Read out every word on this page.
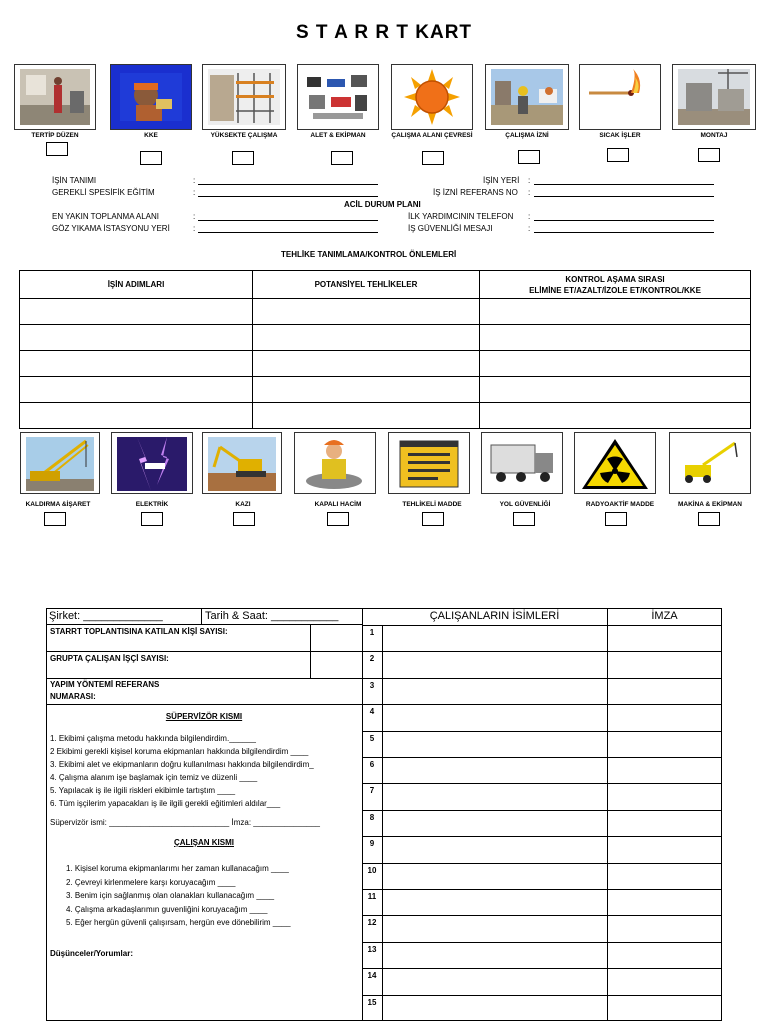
S T A R R T KART
TERTİP DÜZEN	KKE	YÜKSEKTE ÇALIŞMA	ALET & EKİPMAN	ÇALIŞMA ALANI ÇEVRESİ	ÇALIŞMA İZNİ	SICAK İŞLER	MONTAJ
İŞİN TANIMI	:	İŞİN YERİ :
GEREKLİ SPESİFİK EĞİTİM	:	İŞ İZNİ REFERANS NO :
ACİL DURUM PLANI
EN YAKIN TOPLANMA ALANI	:	İLK YARDIMCININ TELEFON :
GÖZ YIKAMA İSTASYONU YERİ	:	İŞ GÜVENLİĞİ MESAJI	:
TEHLİKE TANIMLAMA/KONTROL ÖNLEMLERİ
İŞİN ADIMLARI	POTANSİYEL TEHLİKELER	KONTROL AŞAMA SIRASI
ELİMİNE ET/AZALT/İZOLE ET/KONTROL/KKE

KALDIRMA &İŞARET	ELEKTRİK	KAZI	KAPALI HACİM	TEHLİKELİ MADDE	YOL GÜVENLİĞİ	RADYOAKTİF MADDE	MAKİNA & EKİPMAN
Şirket: _____________	Tarih & Saat: ___________	ÇALIŞANLARIN İSİMLERİ	İMZA
STARRT TOPLANTISINA KATILAN KİŞİ SAYISI:
GRUPTA ÇALIŞAN İŞÇİ SAYISI:
YAPIM YÖNTEMİ REFERANS
NUMARASI:
SÜPERVİZÖR KISMI
1. Ekibimi çalışma metodu hakkında bilgilendirdim.______
2 Ekibimi gerekli kişisel koruma ekipmanları hakkında bilgilendirdim ____
3. Ekibimi alet ve ekipmanların doğru kullanılması hakkında bilgilendirdim_
4. Çalışma alanım işe başlamak için temiz ve düzenli ____
5. Yapılacak iş ile ilgili riskleri ekibimle tartıştım ____
6. Tüm işçilerim yapacakları iş ile ilgili gerekli eğitimleri aldılar___
Süpervizör ismi: ___________________________ İmza: _______________
ÇALIŞAN KISMI
1. Kişisel koruma ekipmanlarımı her zaman kullanacağım ____
2. Çevreyi kirlenmelere karşı koruyacağım ____
3. Benim için sağlanmış olan olanakları kullanacağım ____
4. Çalışma arkadaşlarımın guvenliğini koruyacağım ____
5. Eğer hergün güvenli çalışırsam, hergün eve dönebilirim ____
Düşünceler/Yorumlar:
1
2
3
4
5
6
7
8
9
10
11
12
13
14
15
